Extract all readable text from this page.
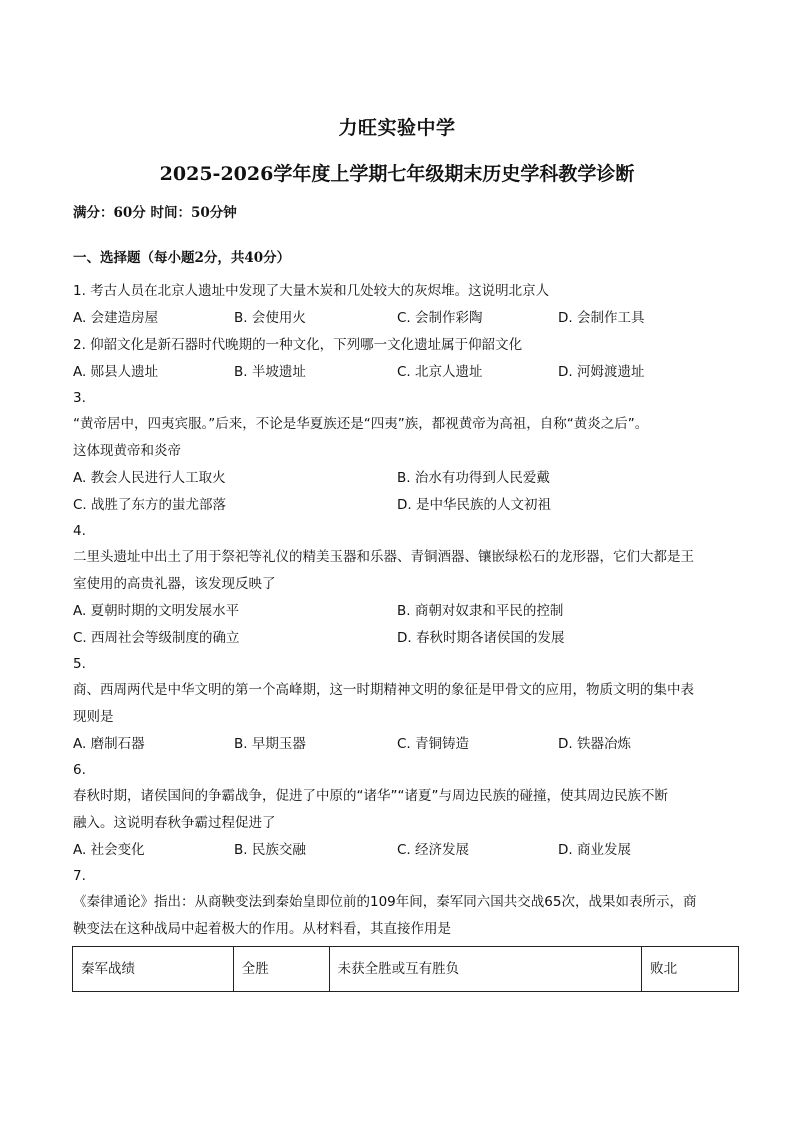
力旺实验中学
2025-2026学年度上学期七年级期末历史学科教学诊断
满分：60分 时间：50分钟
一、选择题（每小题2分，共40分）
1. 考古人员在北京人遗址中发现了大量木炭和几处较大的灰烬堆。这说明北京人
A. 会建造房屋	B. 会使用火	C. 会制作彩陶	D. 会制作工具
2. 仰韶文化是新石器时代晚期的一种文化，下列哪一文化遗址属于仰韶文化
A. 郧县人遗址	B. 半坡遗址	C. 北京人遗址	D. 河姆渡遗址
3.
“黄帝居中，四夷宾服。”后来，不论是华夏族还是“四夷”族，都视黄帝为高祖，自称“黄炎之后”。
这体现黄帝和炎帝
A. 教会人民进行人工取火	B. 治水有功得到人民爱戴
C. 战胜了东方的蚩尤部落	D. 是中华民族的人文初祖
4.
二里头遗址中出土了用于祭祀等礼仪的精美玉器和乐器、青铜酒器、镶嵌绿松石的龙形器，它们大都是王
室使用的高贵礼器，该发现反映了
A. 夏朝时期的文明发展水平	B. 商朝对奴隶和平民的控制
C. 西周社会等级制度的确立	D. 春秋时期各诸侯国的发展
5.
商、西周两代是中华文明的第一个高峰期，这一时期精神文明的象征是甲骨文的应用，物质文明的集中表
现则是
A. 磨制石器	B. 早期玉器	C. 青铜铸造	D. 铁器冶炼
6.
春秋时期，诸侯国间的争霸战争，促进了中原的“诸华”“诸夏”与周边民族的碰撞，使其周边民族不断
融入。这说明春秋争霸过程促进了
A. 社会变化	B. 民族交融	C. 经济发展	D. 商业发展
7.
《秦律通论》指出：从商鞅变法到秦始皇即位前的109年间，秦军同六国共交战65次，战果如表所示，商
鞅变法在这种战局中起着极大的作用。从材料看，其直接作用是
秦军战绩	全胜	未获全胜或互有胜负	败北
